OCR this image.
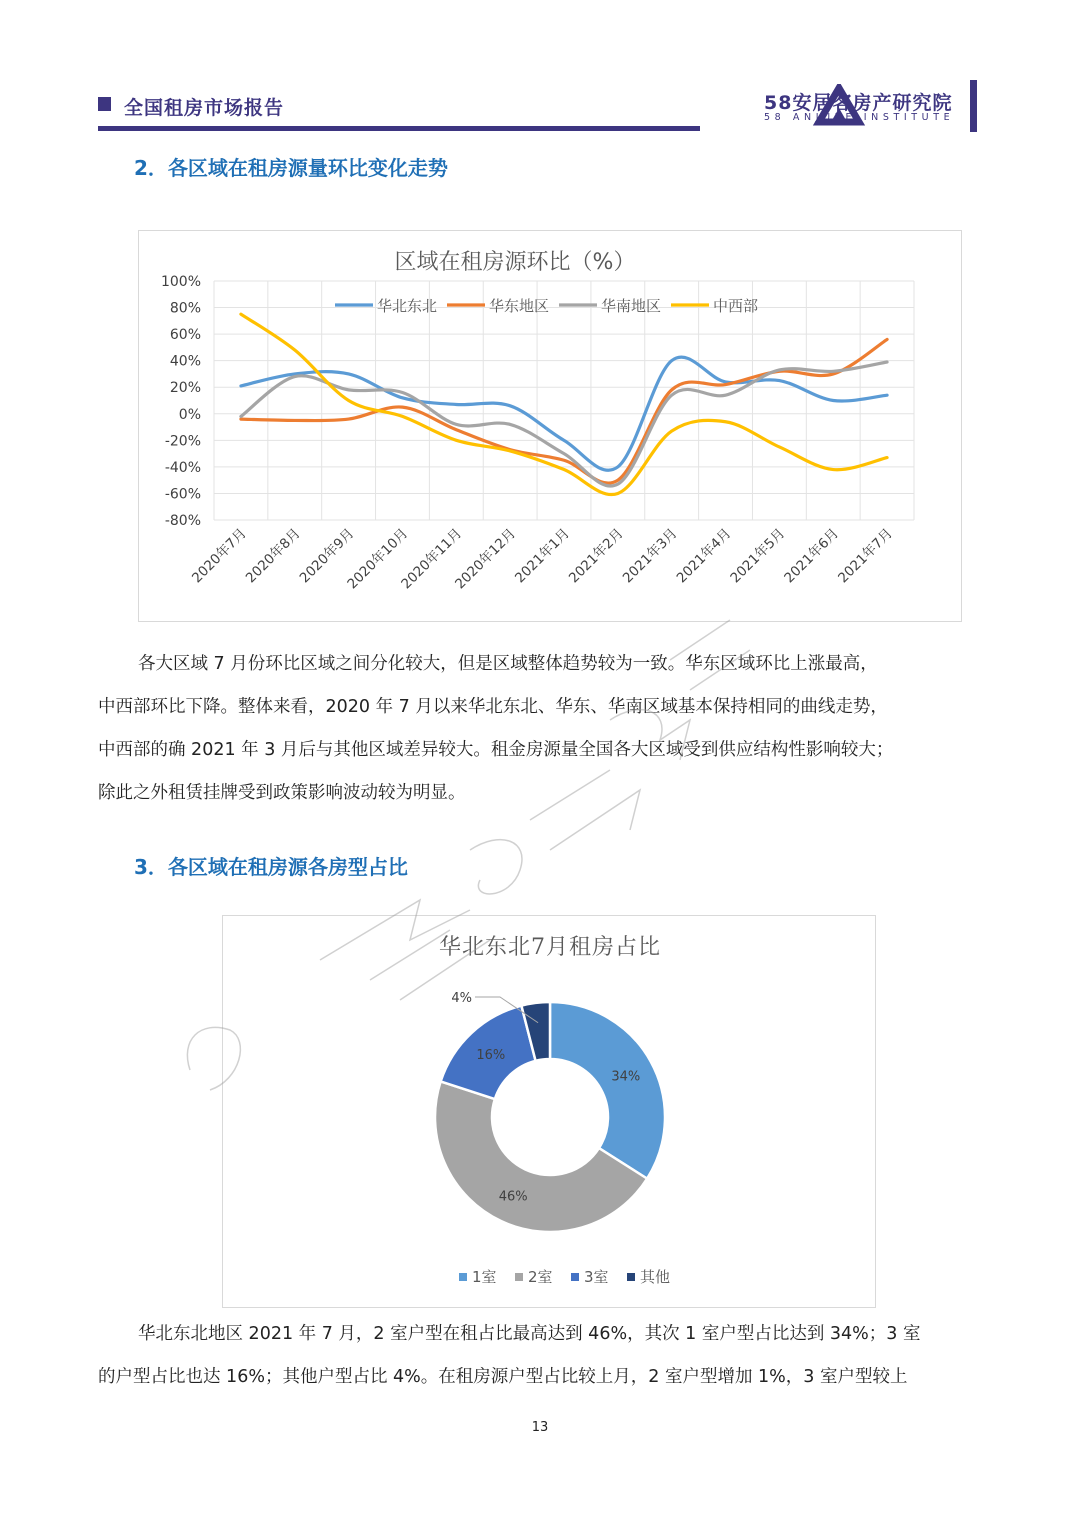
全国租房市场报告	58安居客房产研究院
58 ANJUKE INSTITUTE
2．各区域在租房源量环比变化走势
区域在租房源环比（%）
100%
80%
60%
40%
20%
0%
-20%
-40%
-60%
-80%
2020年7月
2020年8月
2020年9月
2020年10月
2020年11月
2020年12月
2021年1月
2021年2月
2021年3月
2021年4月
2021年5月
2021年6月
2021年7月
华北东北	华东地区	华南地区	中西部
各大区域 7 月份环比区域之间分化较大，但是区域整体趋势较为一致。华东区域环比上涨最高，
中西部环比下降。整体来看，2020 年 7 月以来华北东北、华东、华南区域基本保持相同的曲线走势，
中西部的确 2021 年 3 月后与其他区域差异较大。租金房源量全国各大区域受到供应结构性影响较大；
除此之外租赁挂牌受到政策影响波动较为明显。
3．各区域在租房源各房型占比
华北东北7月租房占比
34%
46%
16%
4%
1室 2室 3室 其他
华北东北地区 2021 年 7 月，2 室户型在租占比最高达到 46%，其次 1 室户型占比达到 34%；3 室
的户型占比也达 16%；其他户型占比 4%。在租房源户型占比较上月，2 室户型增加 1%，3 室户型较上
13
